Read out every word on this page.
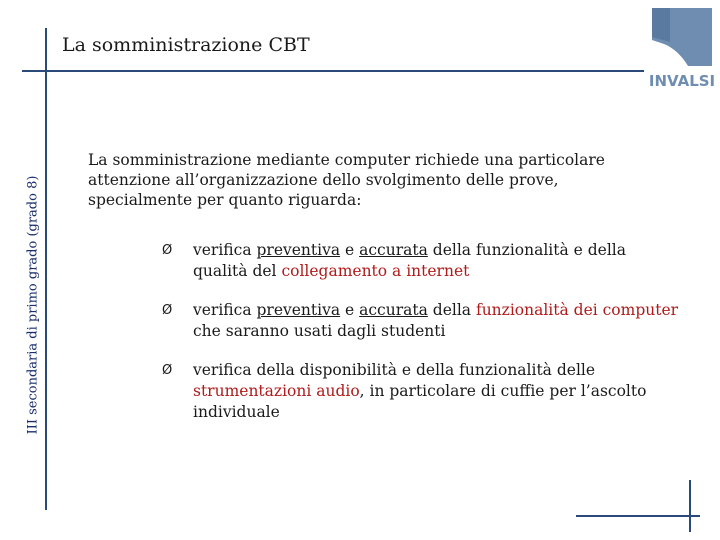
La somministrazione CBT
III secondaria di primo grado (grado 8)
INVALSI

La somministrazione mediante computer richiede una particolare attenzione all’organizzazione dello svolgimento delle prove, specialmente per quanto riguarda:

Ø verifica preventiva e accurata della funzionalità e della qualità del collegamento a internet
Ø verifica preventiva e accurata della funzionalità dei computer che saranno usati dagli studenti
Ø verifica della disponibilità e della funzionalità delle strumentazioni audio, in particolare di cuffie per l’ascolto individuale
